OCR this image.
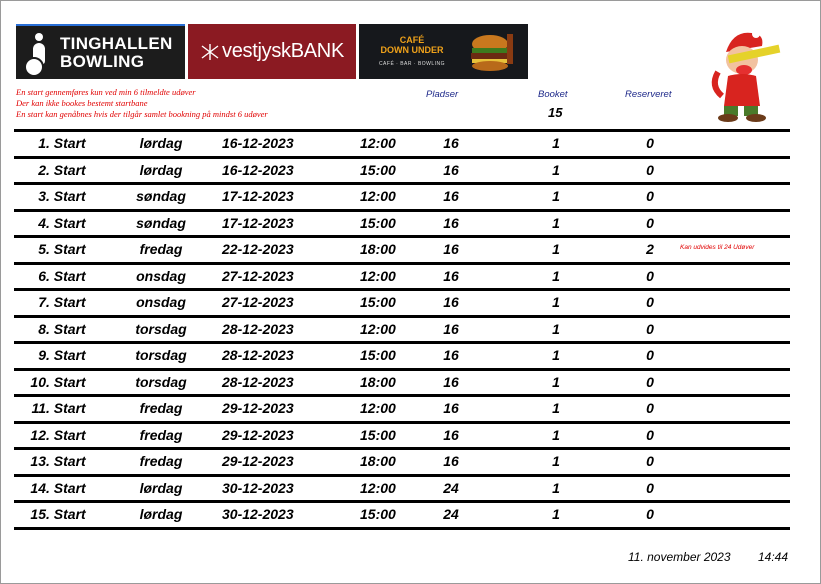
TINGHALLEN
BOWLING	vestjyskBANK	CAFÉ
DOWN UNDER
CAFÉ · BAR · BOWLING
En start gennemføres kun ved min 6 tilmeldte udøver
Der kan ikke bookes bestemt startbane
En start kan genåbnes hvis der tilgår samlet bookning på mindst 6 udøver
Pladser	Booket	Reserveret
15
1 . Start	lørdag	16-12-2023	12:00	16	1	0
2 . Start	lørdag	16-12-2023	15:00	16	1	0
3 . Start	søndag	17-12-2023	12:00	16	1	0
4 . Start	søndag	17-12-2023	15:00	16	1	0
5 . Start	fredag	22-12-2023	18:00	16	1	2	Kan udvides til 24 Udøver
6 . Start	onsdag	27-12-2023	12:00	16	1	0
7 . Start	onsdag	27-12-2023	15:00	16	1	0
8 . Start	torsdag	28-12-2023	12:00	16	1	0
9 . Start	torsdag	28-12-2023	15:00	16	1	0
10 . Start	torsdag	28-12-2023	18:00	16	1	0
11 . Start	fredag	29-12-2023	12:00	16	1	0
12 . Start	fredag	29-12-2023	15:00	16	1	0
13 . Start	fredag	29-12-2023	18:00	16	1	0
14 . Start	lørdag	30-12-2023	12:00	24	1	0
15 . Start	lørdag	30-12-2023	15:00	24	1	0
11. november 2023 14:44
